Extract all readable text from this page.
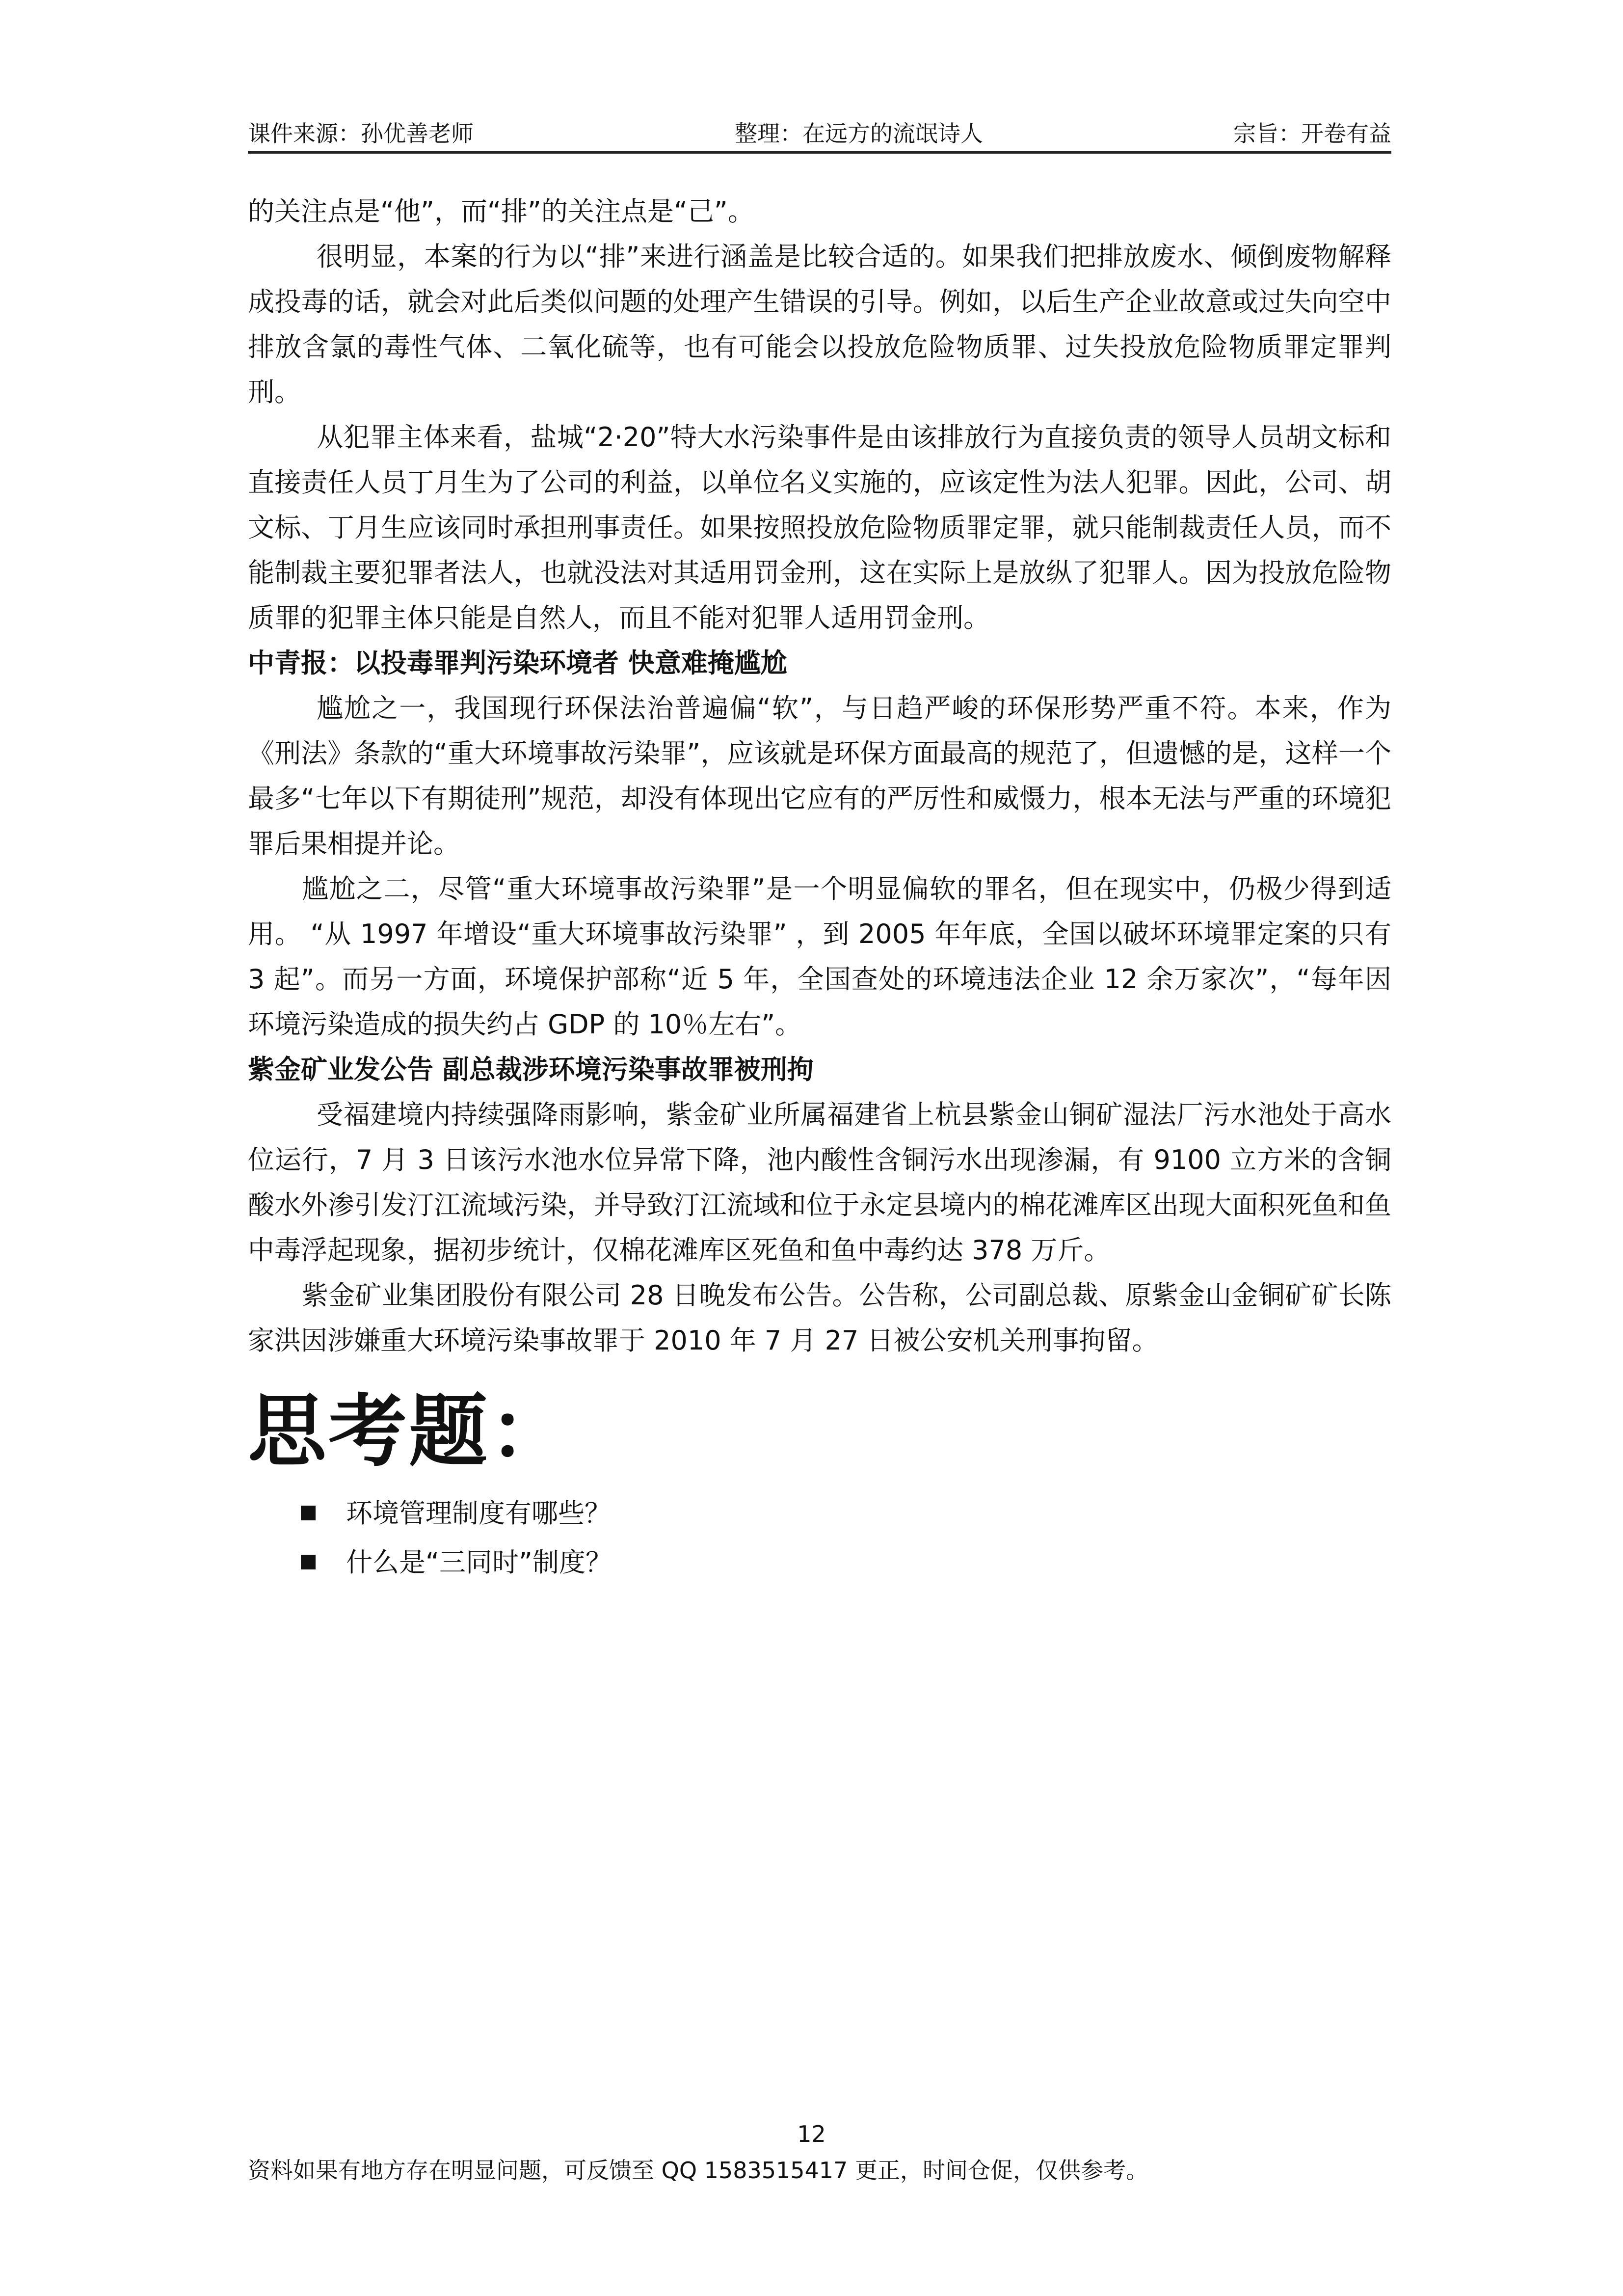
课件来源：孙优善老师	整理：在远方的流氓诗人	宗旨：开卷有益

的关注点是“他”，而“排”的关注点是“己”。

很明显，本案的行为以“排”来进行涵盖是比较合适的。如果我们把排放废水、倾倒废物解释成投毒的话，就会对此后类似问题的处理产生错误的引导。例如，以后生产企业故意或过失向空中排放含氯的毒性气体、二氧化硫等，也有可能会以投放危险物质罪、过失投放危险物质罪定罪判刑。

从犯罪主体来看，盐城“2·20”特大水污染事件是由该排放行为直接负责的领导人员胡文标和直接责任人员丁月生为了公司的利益，以单位名义实施的，应该定性为法人犯罪。因此，公司、胡文标、丁月生应该同时承担刑事责任。如果按照投放危险物质罪定罪，就只能制裁责任人员，而不能制裁主要犯罪者法人，也就没法对其适用罚金刑，这在实际上是放纵了犯罪人。因为投放危险物质罪的犯罪主体只能是自然人，而且不能对犯罪人适用罚金刑。

中青报：以投毒罪判污染环境者 快意难掩尴尬

尴尬之一，我国现行环保法治普遍偏“软”，与日趋严峻的环保形势严重不符。本来，作为《刑法》条款的“重大环境事故污染罪”，应该就是环保方面最高的规范了，但遗憾的是，这样一个最多“七年以下有期徒刑”规范，却没有体现出它应有的严厉性和威慑力，根本无法与严重的环境犯罪后果相提并论。

尴尬之二，尽管“重大环境事故污染罪”是一个明显偏软的罪名，但在现实中，仍极少得到适用。 “从 1997 年增设“重大环境事故污染罪” ，到 2005 年年底，全国以破坏环境罪定案的只有 3 起”。而另一方面，环境保护部称“近 5 年，全国查处的环境违法企业 12 余万家次”，“每年因环境污染造成的损失约占 GDP 的 10％左右”。

紫金矿业发公告 副总裁涉环境污染事故罪被刑拘

受福建境内持续强降雨影响，紫金矿业所属福建省上杭县紫金山铜矿湿法厂污水池处于高水位运行，7 月 3 日该污水池水位异常下降，池内酸性含铜污水出现渗漏，有 9100 立方米的含铜酸水外渗引发汀江流域污染，并导致汀江流域和位于永定县境内的棉花滩库区出现大面积死鱼和鱼中毒浮起现象，据初步统计，仅棉花滩库区死鱼和鱼中毒约达 378 万斤。

紫金矿业集团股份有限公司 28 日晚发布公告。公告称，公司副总裁、原紫金山金铜矿矿长陈家洪因涉嫌重大环境污染事故罪于 2010 年 7 月 27 日被公安机关刑事拘留。

思考题：
环境管理制度有哪些？
什么是“三同时”制度？
12
资料如果有地方存在明显问题，可反馈至 QQ 1583515417 更正，时间仓促，仅供参考。
